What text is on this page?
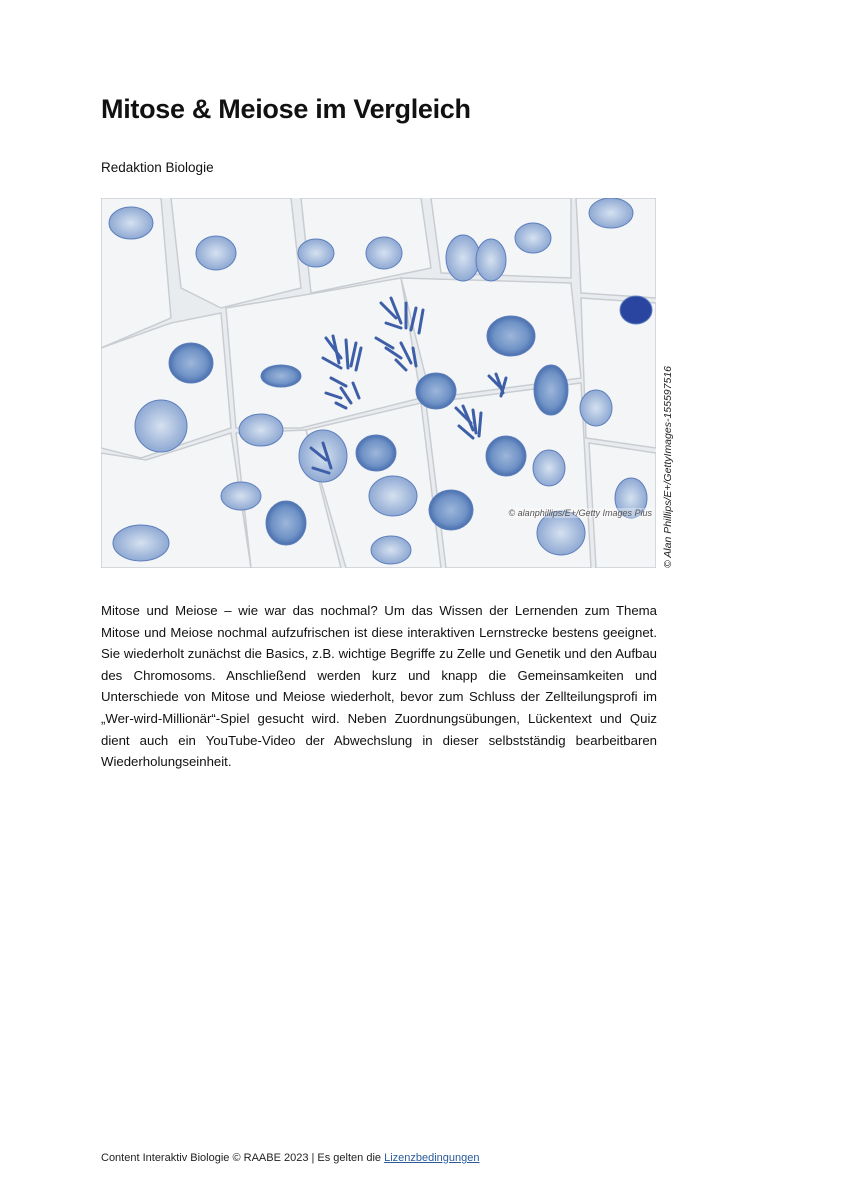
Mitose & Meiose im Vergleich
Redaktion Biologie
© alanphillips/E+/Getty Images Plus © Alan Phillips/E+/GettyImages-155597516

Mitose und Meiose – wie war das nochmal? Um das Wissen der Lernenden zum Thema Mitose und Meiose nochmal aufzufrischen ist diese interaktiven Lernstrecke bestens geeignet. Sie wiederholt zunächst die Basics, z.B. wichtige Begriffe zu Zelle und Genetik und den Aufbau des Chromosoms. Anschließend werden kurz und knapp die Gemeinsamkeiten und Unterschiede von Mitose und Meiose wiederholt, bevor zum Schluss der Zellteilungsprofi im „Wer-wird-Millionär“-Spiel gesucht wird. Neben Zuordnungsübungen, Lückentext und Quiz dient auch ein YouTube-Video der Abwechslung in dieser selbstständig bearbeitbaren Wiederholungseinheit.

Content Interaktiv Biologie © RAABE 2023 | Es gelten die Lizenzbedingungen
